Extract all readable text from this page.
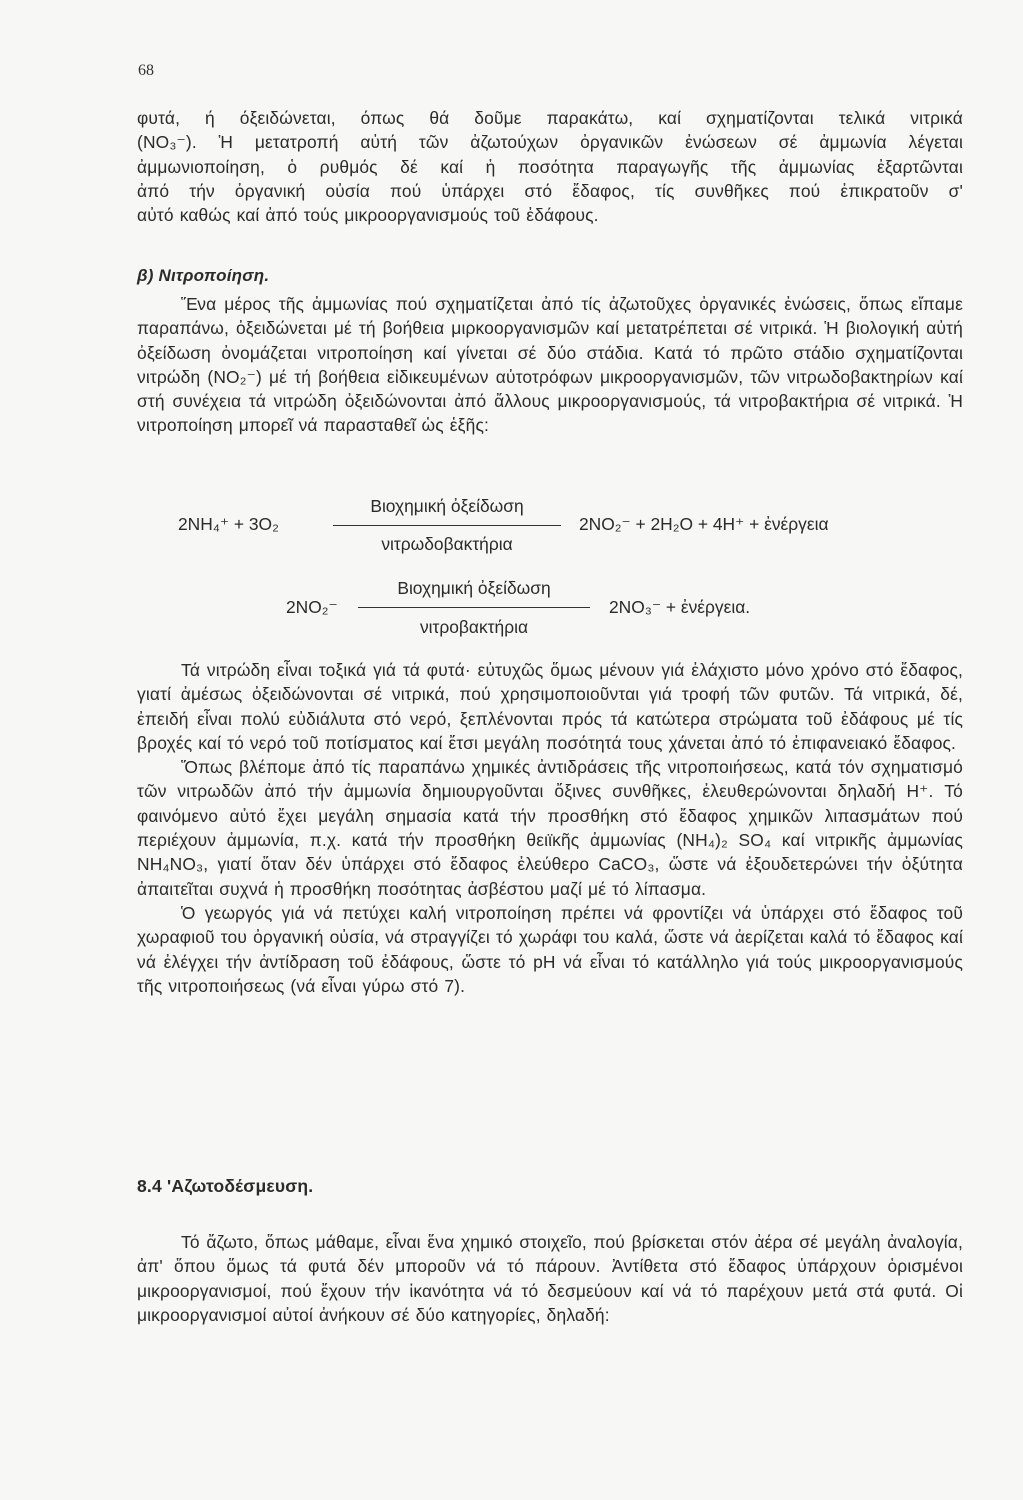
68

φυτά, ή όξειδώνεται, όπως θά δοῦμε παρακάτω, καί σχηματίζονται τελικά νιτρικά

(NO₃⁻). Ἡ μετατροπή αὐτή τῶν ἀζωτούχων ὀργανικῶν ἐνώσεων σέ ἀμμωνία λέγεται

ἀμμωνιοποίηση, ὁ ρυθμός δέ καί ἡ ποσότητα παραγωγῆς τῆς ἀμμωνίας ἐξαρτῶνται

ἀπό τήν ὀργανική οὐσία πού ὑπάρχει στό ἔδαφος, τίς συνθῆκες πού ἐπικρατοῦν σ'

αὐτό καθώς καί ἀπό τούς μικροοργανισμούς τοῦ ἐδάφους.

β) Νιτροποίηση.

Ἕνα μέρος τῆς ἀμμωνίας πού σχηματίζεται ἀπό τίς ἀζωτοῦχες ὀργανικές ἐνώσεις, ὅπως εἴπαμε παραπάνω, ὀξειδώνεται μέ τή βοήθεια μιρκοοργανισμῶν καί μετατρέπεται σέ νιτρικά. Ἡ βιολογική αὐτή ὀξείδωση ὀνομάζεται νιτροποίηση καί γίνεται σέ δύο στάδια. Κατά τό πρῶτο στάδιο σχηματίζονται νιτρώδη (NO₂⁻) μέ τή βοήθεια εἰδικευμένων αὐτοτρόφων μικροοργανισμῶν, τῶν νιτρωδοβακτηρίων καί στή συνέχεια τά νιτρώδη ὀξειδώνονται ἀπό ἄλλους μικροοργανισμούς, τά νιτροβακτήρια σέ νιτρικά. Ἡ νιτροποίηση μπορεῖ νά παρασταθεῖ ὡς ἑξῆς:

2NH₄⁺ + 3O₂
Βιοχημική ὀξείδωση
νιτρωδοβακτήρια
2NO₂⁻ + 2H₂O + 4H⁺ + ἐνέργεια
2NO₂⁻
Βιοχημική ὀξείδωση
νιτροβακτήρια
2NO₃⁻ + ἐνέργεια.

Τά νιτρώδη εἶναι τοξικά γιά τά φυτά· εὐτυχῶς ὅμως μένουν γιά ἐλάχιστο μόνο χρόνο στό ἔδαφος, γιατί ἀμέσως ὀξειδώνονται σέ νιτρικά, πού χρησιμοποιοῦνται γιά τροφή τῶν φυτῶν. Τά νιτρικά, δέ, ἐπειδή εἶναι πολύ εὐδιάλυτα στό νερό, ξεπλένονται πρός τά κατώτερα στρώματα τοῦ ἐδάφους μέ τίς βροχές καί τό νερό τοῦ ποτίσματος καί ἔτσι μεγάλη ποσότητά τους χάνεται ἀπό τό ἐπιφανειακό ἔδαφος.

Ὅπως βλέπομε ἀπό τίς παραπάνω χημικές ἀντιδράσεις τῆς νιτροποιήσεως, κατά τόν σχηματισμό τῶν νιτρωδῶν ἀπό τήν ἀμμωνία δημιουργοῦνται ὄξινες συνθῆκες, ἐλευθερώνονται δηλαδή H⁺. Τό φαινόμενο αὐτό ἔχει μεγάλη σημασία κατά τήν προσθήκη στό ἔδαφος χημικῶν λιπασμάτων πού περιέχουν ἀμμωνία, π.χ. κατά τήν προσθήκη θειϊκῆς ἀμμωνίας (NH₄)₂ SO₄ καί νιτρικῆς ἀμμωνίας NH₄NO₃, γιατί ὅταν δέν ὑπάρχει στό ἔδαφος ἐλεύθερο CaCO₃, ὥστε νά ἐξουδετερώνει τήν ὀξύτητα ἀπαιτεῖται συχνά ἡ προσθήκη ποσότητας ἀσβέστου μαζί μέ τό λίπασμα.

Ὁ γεωργός γιά νά πετύχει καλή νιτροποίηση πρέπει νά φροντίζει νά ὑπάρχει στό ἔδαφος τοῦ χωραφιοῦ του ὀργανική οὐσία, νά στραγγίζει τό χωράφι του καλά, ὥστε νά ἀερίζεται καλά τό ἔδαφος καί νά ἐλέγχει τήν ἀντίδραση τοῦ ἐδάφους, ὥστε τό pH νά εἶναι τό κατάλληλο γιά τούς μικροοργανισμούς τῆς νιτροποιήσεως (νά εἶναι γύρω στό 7).

8.4 'Αζωτοδέσμευση.

Τό ἄζωτο, ὅπως μάθαμε, εἶναι ἕνα χημικό στοιχεῖο, πού βρίσκεται στόν ἀέρα σέ μεγάλη ἀναλογία, ἀπ' ὅπου ὅμως τά φυτά δέν μποροῦν νά τό πάρουν. Ἀντίθετα στό ἔδαφος ὑπάρχουν ὁρισμένοι μικροοργανισμοί, πού ἔχουν τήν ἱκανότητα νά τό δεσμεύουν καί νά τό παρέχουν μετά στά φυτά. Οἱ μικροοργανισμοί αὐτοί ἀνήκουν σέ δύο κατηγορίες, δηλαδή:
